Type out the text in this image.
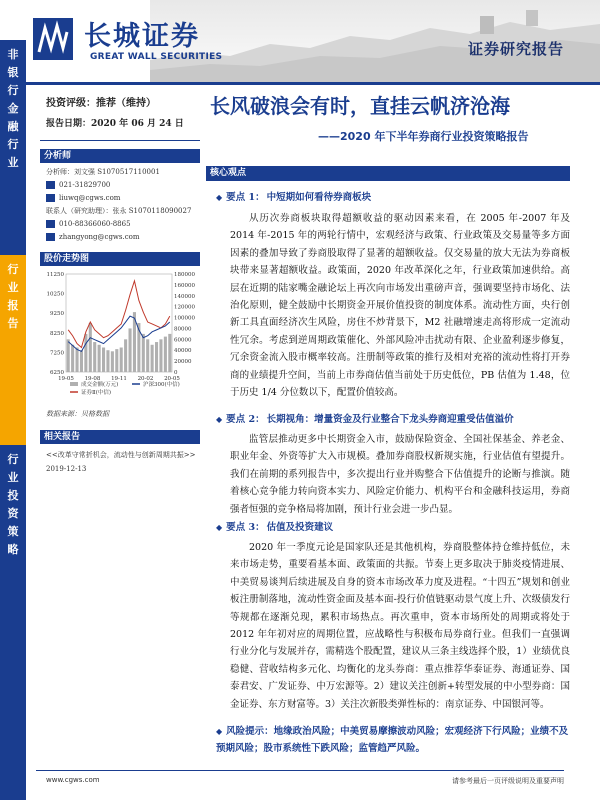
长城证券
GREAT WALL SECURITIES	证券研究报告
非
银
行
金
融
行
业
行
业
报
告
行
业
投
资
策
略
投资评级：推荐（维持）
报告日期：2020 年 06 月 24 日
长风破浪会有时，直挂云帆济沧海
——2020 年下半年券商行业投资策略报告
分析师
分析师：刘文强 S1070517110001
021-31829700
liuwq@cgws.com
联系人（研究助理）：张永 S1070118090027
010-88366060-8865
zhangyong@cgws.com
股价走势图
11250
10250
9250
8250
7250
6250
180000
160000
140000
120000
100000
80000
60000
40000
20000
0
19-05 19-08 19-11 20-02 20-05
成交金额(万元)
证券Ⅱ(中信)
沪深300(中信)
数据来源：贝格数据
相关报告
<<改革守常折机会，流动性与创新周期共振>> 2019-12-13
核心观点
◆ 要点 1： 中短期如何看待券商板块
从历次券商板块取得超额收益的驱动因素来看，在 2005 年-2007 年及 2014 年-2015 年的两轮行情中，宏观经济与政策、行业政策及交易量等多方面因素的叠加导致了券商股取得了显著的超额收益。仅交易量的放大无法为券商板块带来显著超额收益。政策面，2020 年改革深化之年，行业政策加速供给。高层在近期的陆家嘴金融论坛上再次向市场发出重磅声音，强调要坚持市场化、法治化原则，健全鼓励中长期资金开展价值投资的制度体系。流动性方面，央行创新工具直面经济次生风险，房住不炒背景下，M2 社融增速走高将形成一定流动性冗余。考虑到逆周期政策催化、外部风险冲击扰动有限、企业盈利逐步修复，冗余资金流入股市概率较高。注册制等政策的推行及相对充裕的流动性将打开券商的业绩提升空间，当前上市券商估值当前处于历史低位，PB 估值为 1.48，位于历史 1/4 分位数以下，配置价值较高。
◆ 要点 2： 长期视角：增量资金及行业整合下龙头券商迎重受估值溢价
监管层推动更多中长期资金入市，鼓励保险资金、全国社保基金、养老金、职业年金、外资等扩大入市规模。叠加券商股权新规实施，行业估值有望提升。我们在前期的系列报告中，多次提出行业并购整合下估值提升的论断与推演。随着核心竞争能力转向资本实力、风险定价能力、机构平台和金融科技运用，券商强者恒强的竞争格局将加剧，预计行业会进一步凸显。
◆ 要点 3： 估值及投资建议
2020 年一季度元论是国家队还是其他机构，券商股整体持仓维持低位，未来市场走势，重要看基本面、政策面的共振。节奏上更多取决于肺炎疫情进展、中美贸易谈判后续进展及自身的资本市场改革力度及进程。“十四五”规划和创业板注册制落地，流动性资金面及基本面-投行价值链驱动景气度上升、次级债发行等规都在逐渐兑现，累积市场热点。再次重申，资本市场所处的周期或将处于 2012 年年初对应的周期位置，应战略性与积极布局券商行业。但我们一直强调行业分化与发展并存，需精选个股配置，建议从三条主线选择个股，1）业绩优良稳健、营收结构多元化、均衡化的龙头券商：重点推荐华泰证券、海通证券、国泰君安、广发证券、中万宏源等。2）建议关注创新+转型发展的中小型券商：国金证券、东方财富等。3）关注次新股类弹性标的：南京证券、中国银河等。
◆ 风险提示：地缘政治风险；中美贸易摩擦波动风险；宏观经济下行风险；业绩不及预期风险；股市系统性下跌风险；监管趋严风险。
www.cgws.com	请参考最后一页评级说明及重要声明
